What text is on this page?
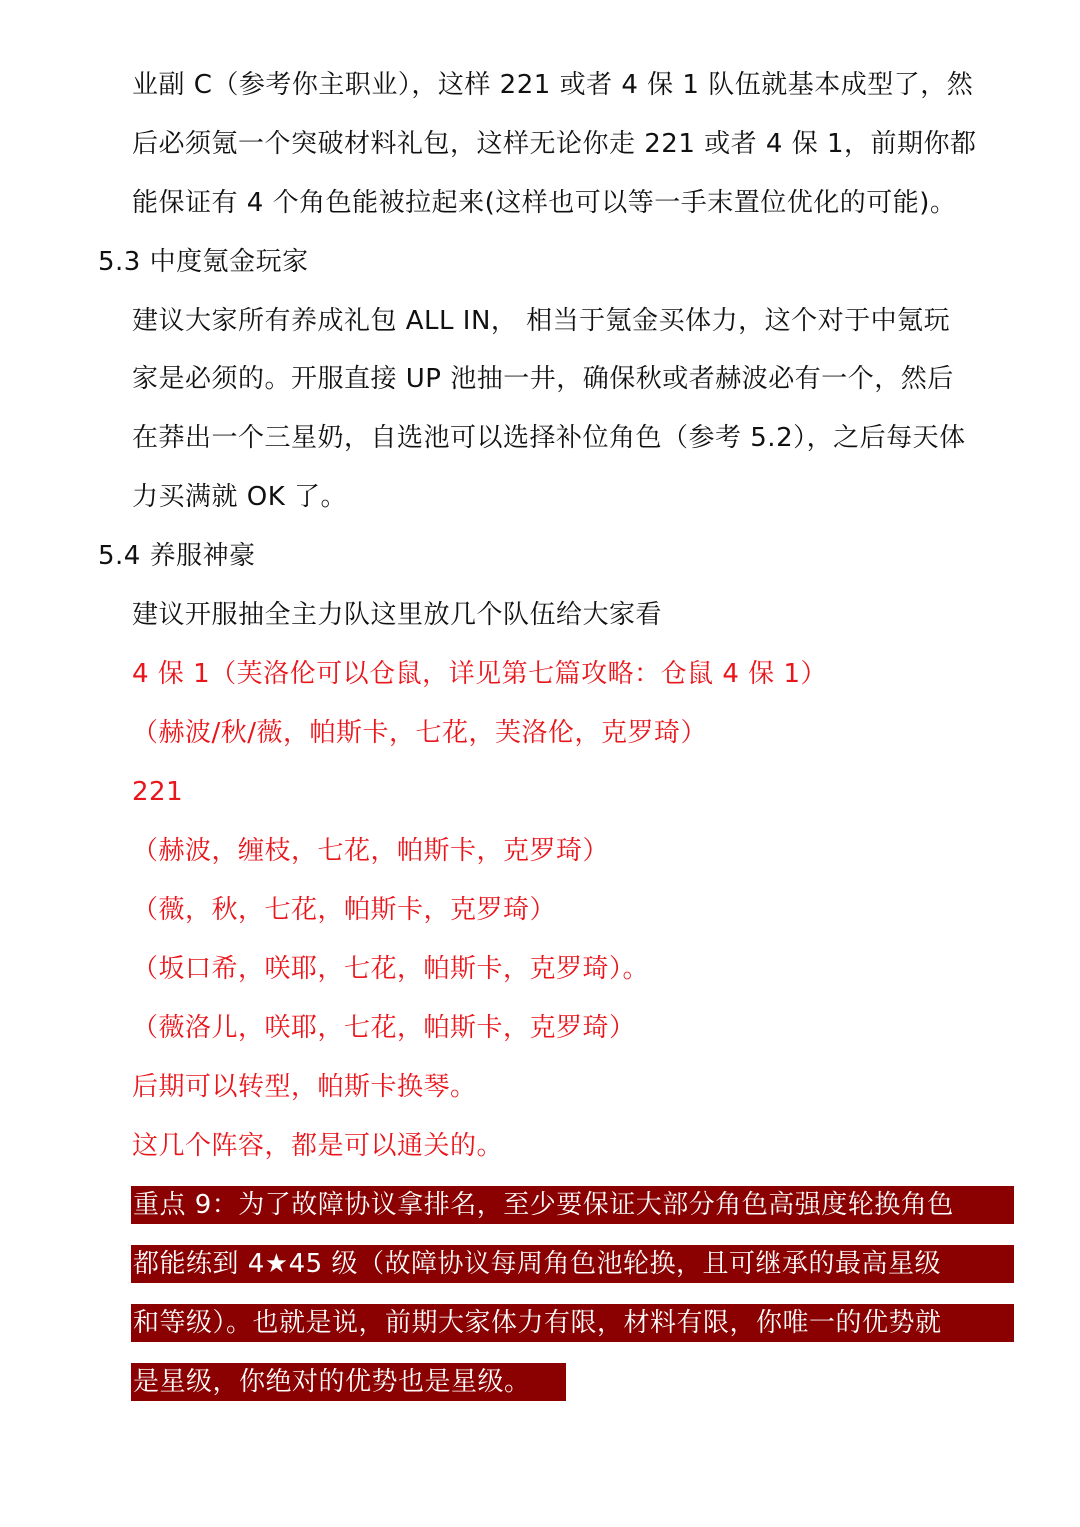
业副 C（参考你主职业），这样 221 或者 4 保 1 队伍就基本成型了，然
后必须氪一个突破材料礼包，这样无论你走 221 或者 4 保 1，前期你都
能保证有 4 个角色能被拉起来(这样也可以等一手末置位优化的可能)。
5.3 中度氪金玩家
建议大家所有养成礼包 ALL IN， 相当于氪金买体力，这个对于中氪玩
家是必须的。开服直接 UP 池抽一井，确保秋或者赫波必有一个，然后
在莽出一个三星奶，自选池可以选择补位角色（参考 5.2），之后每天体
力买满就 OK 了。
5.4 养服神豪
建议开服抽全主力队这里放几个队伍给大家看
4 保 1（芙洛伦可以仓鼠，详见第七篇攻略：仓鼠 4 保 1）
（赫波/秋/薇，帕斯卡，七花，芙洛伦，克罗琦）
221
（赫波，缠枝，七花，帕斯卡，克罗琦）
（薇，秋，七花，帕斯卡，克罗琦）
（坂口希，咲耶，七花，帕斯卡，克罗琦）。
（薇洛儿，咲耶，七花，帕斯卡，克罗琦）
后期可以转型，帕斯卡换琴。
这几个阵容，都是可以通关的。
重点 9：为了故障协议拿排名，至少要保证大部分角色高强度轮换角色
都能练到 4★45 级（故障协议每周角色池轮换，且可继承的最高星级
和等级）。也就是说，前期大家体力有限，材料有限，你唯一的优势就
是星级，你绝对的优势也是星级。
